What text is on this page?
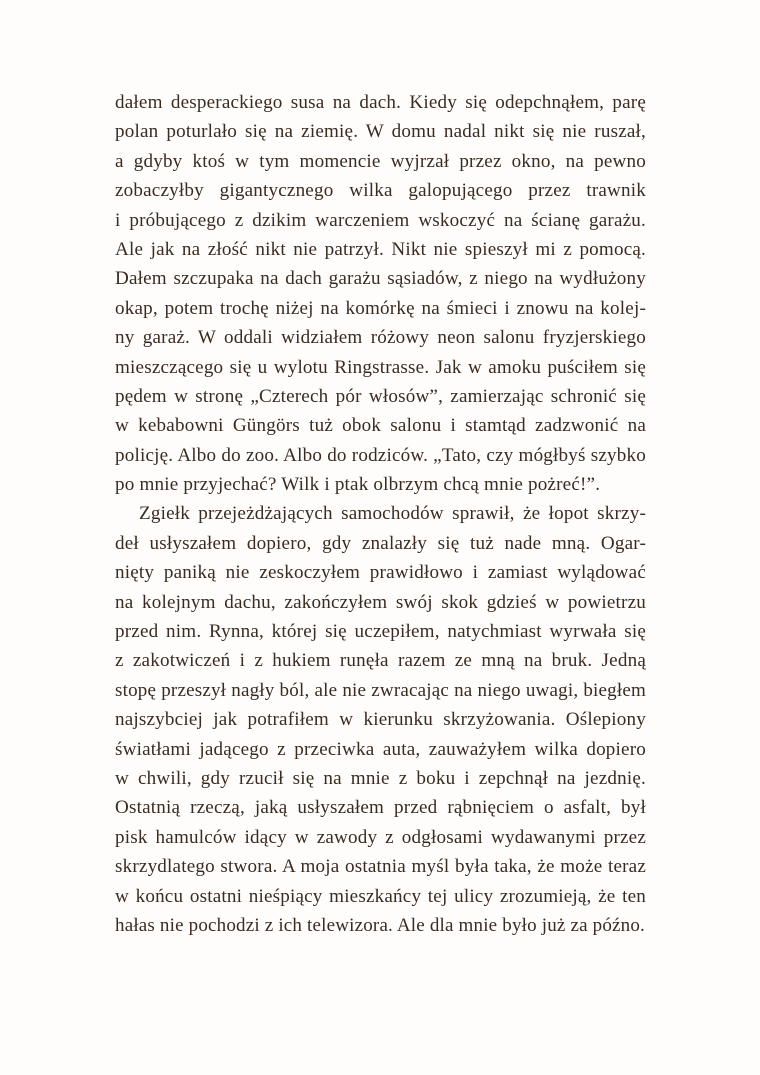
dałem desperackiego susa na dach. Kiedy się odepchnąłem, parę
polan poturlało się na ziemię. W domu nadal nikt się nie ruszał,
a gdyby ktoś w tym momencie wyjrzał przez okno, na pewno
zobaczyłby gigantycznego wilka galopującego przez trawnik
i próbującego z dzikim warczeniem wskoczyć na ścianę garażu.
Ale jak na złość nikt nie patrzył. Nikt nie spieszył mi z pomocą.
Dałem szczupaka na dach garażu sąsiadów, z niego na wydłużony
okap, potem trochę niżej na komórkę na śmieci i znowu na kolej-
ny garaż. W oddali widziałem różowy neon salonu fryzjerskiego
mieszczącego się u wylotu Ringstrasse. Jak w amoku puściłem się
pędem w stronę „Czterech pór włosów”, zamierzając schronić się
w kebabowni Güngörs tuż obok salonu i stamtąd zadzwonić na
policję. Albo do zoo. Albo do rodziców. „Tato, czy mógłbyś szybko
po mnie przyjechać? Wilk i ptak olbrzym chcą mnie pożreć!”.
Zgiełk przejeżdżających samochodów sprawił, że łopot skrzy-
deł usłyszałem dopiero, gdy znalazły się tuż nade mną. Ogar-
nięty paniką nie zeskoczyłem prawidłowo i zamiast wylądować
na kolejnym dachu, zakończyłem swój skok gdzieś w powietrzu
przed nim. Rynna, której się uczepiłem, natychmiast wyrwała się
z zakotwiczeń i z hukiem runęła razem ze mną na bruk. Jedną
stopę przeszył nagły ból, ale nie zwracając na niego uwagi, biegłem
najszybciej jak potrafiłem w kierunku skrzyżowania. Oślepiony
światłami jadącego z przeciwka auta, zauważyłem wilka dopiero
w chwili, gdy rzucił się na mnie z boku i zepchnął na jezdnię.
Ostatnią rzeczą, jaką usłyszałem przed rąbnięciem o asfalt, był
pisk hamulców idący w zawody z odgłosami wydawanymi przez
skrzydlatego stwora. A moja ostatnia myśl była taka, że może teraz
w końcu ostatni nieśpiący mieszkańcy tej ulicy zrozumieją, że ten
hałas nie pochodzi z ich telewizora. Ale dla mnie było już za późno.
